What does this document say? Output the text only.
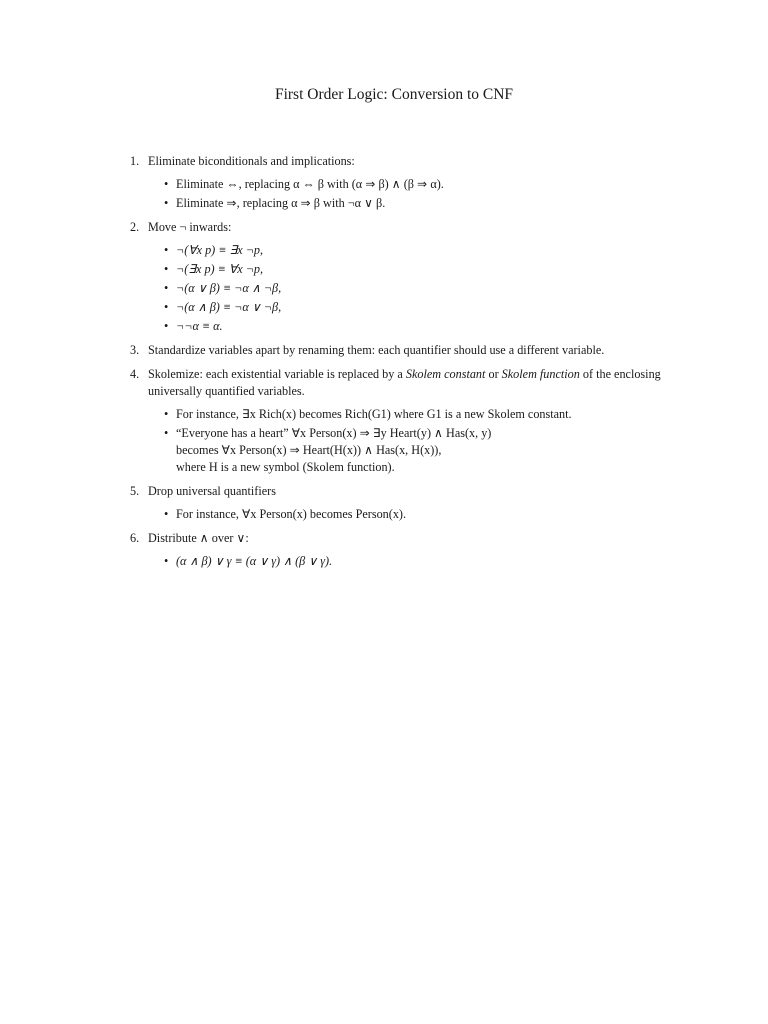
First Order Logic: Conversion to CNF
1. Eliminate biconditionals and implications:
• Eliminate ⇔, replacing α ⇔ β with (α ⇒ β) ∧ (β ⇒ α).
• Eliminate ⇒, replacing α ⇒ β with ¬α ∨ β.
2. Move ¬ inwards:
• ¬(∀x p) ≡ ∃x ¬p,
• ¬(∃x p) ≡ ∀x ¬p,
• ¬(α ∨ β) ≡ ¬α ∧ ¬β,
• ¬(α ∧ β) ≡ ¬α ∨ ¬β,
• ¬¬α ≡ α.
3. Standardize variables apart by renaming them: each quantifier should use a different variable.
4. Skolemize: each existential variable is replaced by a Skolem constant or Skolem function of the enclosing universally quantified variables.
• For instance, ∃x Rich(x) becomes Rich(G1) where G1 is a new Skolem constant.
• “Everyone has a heart” ∀x Person(x) ⇒ ∃y Heart(y) ∧ Has(x, y)
becomes ∀x Person(x) ⇒ Heart(H(x)) ∧ Has(x, H(x)),
where H is a new symbol (Skolem function).
5. Drop universal quantifiers
• For instance, ∀x Person(x) becomes Person(x).
6. Distribute ∧ over ∨:
• (α ∧ β) ∨ γ ≡ (α ∨ γ) ∧ (β ∨ γ).
